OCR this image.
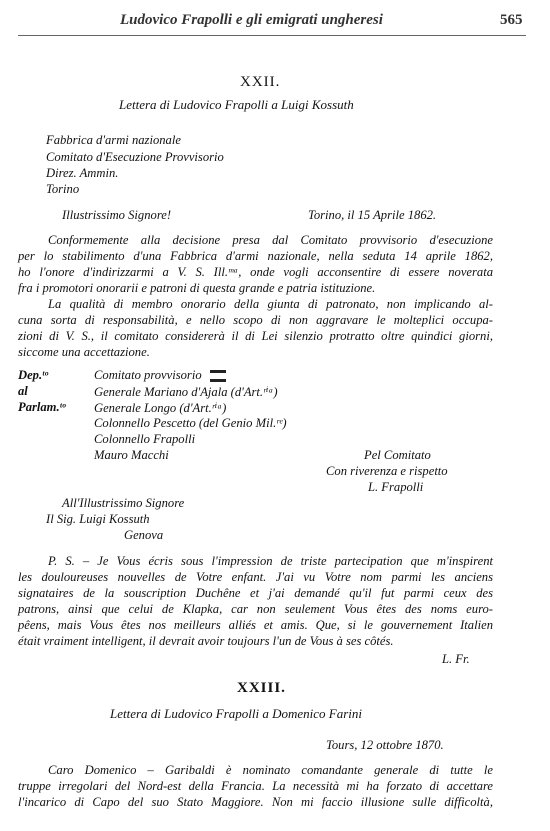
Ludovico Frapolli e gli emigrati ungheresi	565
XXII.
Lettera di Ludovico Frapolli a Luigi Kossuth
Fabbrica d'armi nazionale
Comitato d'Esecuzione Provvisorio
Direz. Ammin.
Torino
Illustrissimo Signore!	Torino, il 15 Aprile 1862.
Conformemente alla decisione presa dal Comitato provvisorio d'esecuzione
per lo stabilimento d'una Fabbrica d'armi nazionale, nella seduta 14 aprile 1862,
ho l'onore d'indirizzarmi a V. S. Ill.ᵐᵃ, onde vogli acconsentire di essere noverata
fra i promotori onorarii e patroni di questa grande e patria istituzione.
La qualità di membro onorario della giunta di patronato, non implicando al-
cuna sorta di responsabilità, e nello scopo di non aggravare le molteplici occupa-
zioni di V. S., il comitato considererà il di Lei silenzio protratto oltre quindici giorni,
siccome una accettazione.
Dep.ᵗᵒ
al
Parlam.ᵗᵒ
Comitato provvisorio
Generale Mariano d'Ajala (d'Art.ʳⁱᵃ)
Generale Longo (d'Art.ʳⁱᵃ)
Colonnello Pescetto (del Genio Mil.ʳᵉ)
Colonnello Frapolli
Mauro Macchi	Pel Comitato
Con riverenza e rispetto
L. Frapolli
All'Illustrissimo Signore
Il Sig. Luigi Kossuth
Genova
P. S. – Je Vous écris sous l'impression de triste partecipation que m'inspirent
les douloureuses nouvelles de Votre enfant. J'ai vu Votre nom parmi les anciens
signataires de la souscription Duchêne et j'ai demandé qu'il fut parmi ceux des
patrons, ainsi que celui de Klapka, car non seulement Vous êtes des noms euro-
pêens, mais Vous êtes nos meilleurs alliés et amis. Que, si le gouvernement Italien
était vraiment intelligent, il devrait avoir toujours l'un de Vous à ses côtés.
L. Fr.
XXIII.
Lettera di Ludovico Frapolli a Domenico Farini
Tours, 12 ottobre 1870.
Caro Domenico – Garibaldi è nominato comandante generale di tutte le
truppe irregolari del Nord-est della Francia. La necessità mi ha forzato di accettare
l'incarico di Capo del suo Stato Maggiore. Non mi faccio illusione sulle difficoltà,
